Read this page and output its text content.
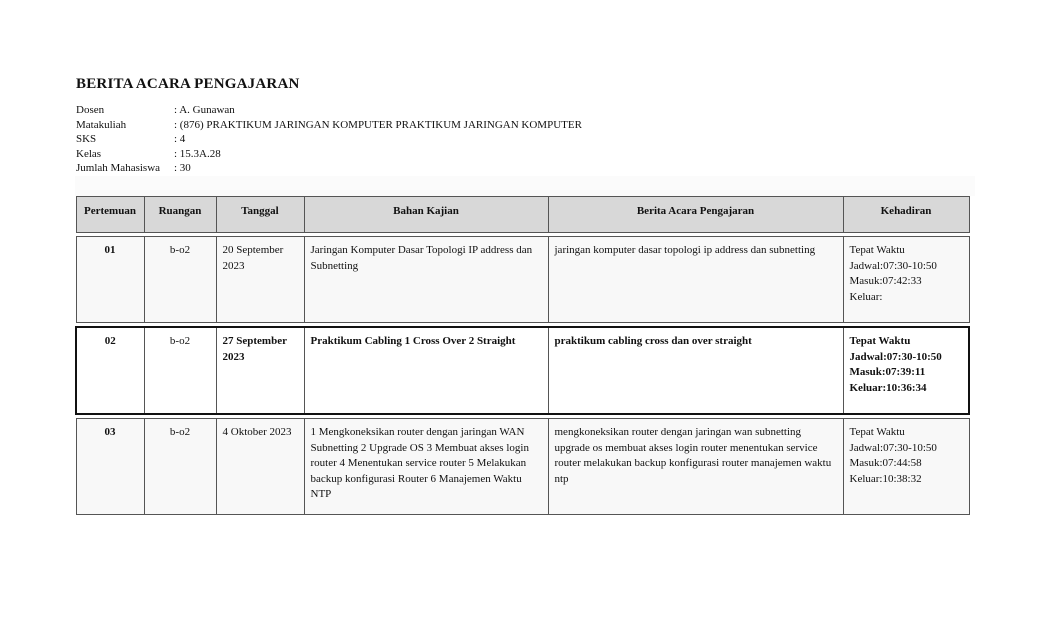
BERITA ACARA PENGAJARAN
Dosen	: A. Gunawan
Matakuliah	: (876) PRAKTIKUM JARINGAN KOMPUTER PRAKTIKUM JARINGAN KOMPUTER
SKS	: 4
Kelas	: 15.3A.28
Jumlah Mahasiswa	: 30
Pertemuan	Ruangan	Tanggal	Bahan Kajian	Berita Acara Pengajaran	Kehadiran

01	b-o2	20 September 2023	Jaringan Komputer Dasar Topologi IP address dan Subnetting	jaringan komputer dasar topologi ip address dan subnetting	Tepat Waktu
Jadwal:07:30-10:50
Masuk:07:42:33
Keluar:

02	b-o2	27 September 2023	Praktikum Cabling 1 Cross Over 2 Straight	praktikum cabling cross dan over straight	Tepat Waktu
Jadwal:07:30-10:50
Masuk:07:39:11
Keluar:10:36:34

03	b-o2	4 Oktober 2023	1 Mengkoneksikan router dengan jaringan WAN Subnetting 2 Upgrade OS 3 Membuat akses login router 4 Menentukan service router 5 Melakukan backup konfigurasi Router 6 Manajemen Waktu NTP	mengkoneksikan router dengan jaringan wan subnetting upgrade os membuat akses login router menentukan service router melakukan backup konfigurasi router manajemen waktu ntp	Tepat Waktu
Jadwal:07:30-10:50
Masuk:07:44:58
Keluar:10:38:32
